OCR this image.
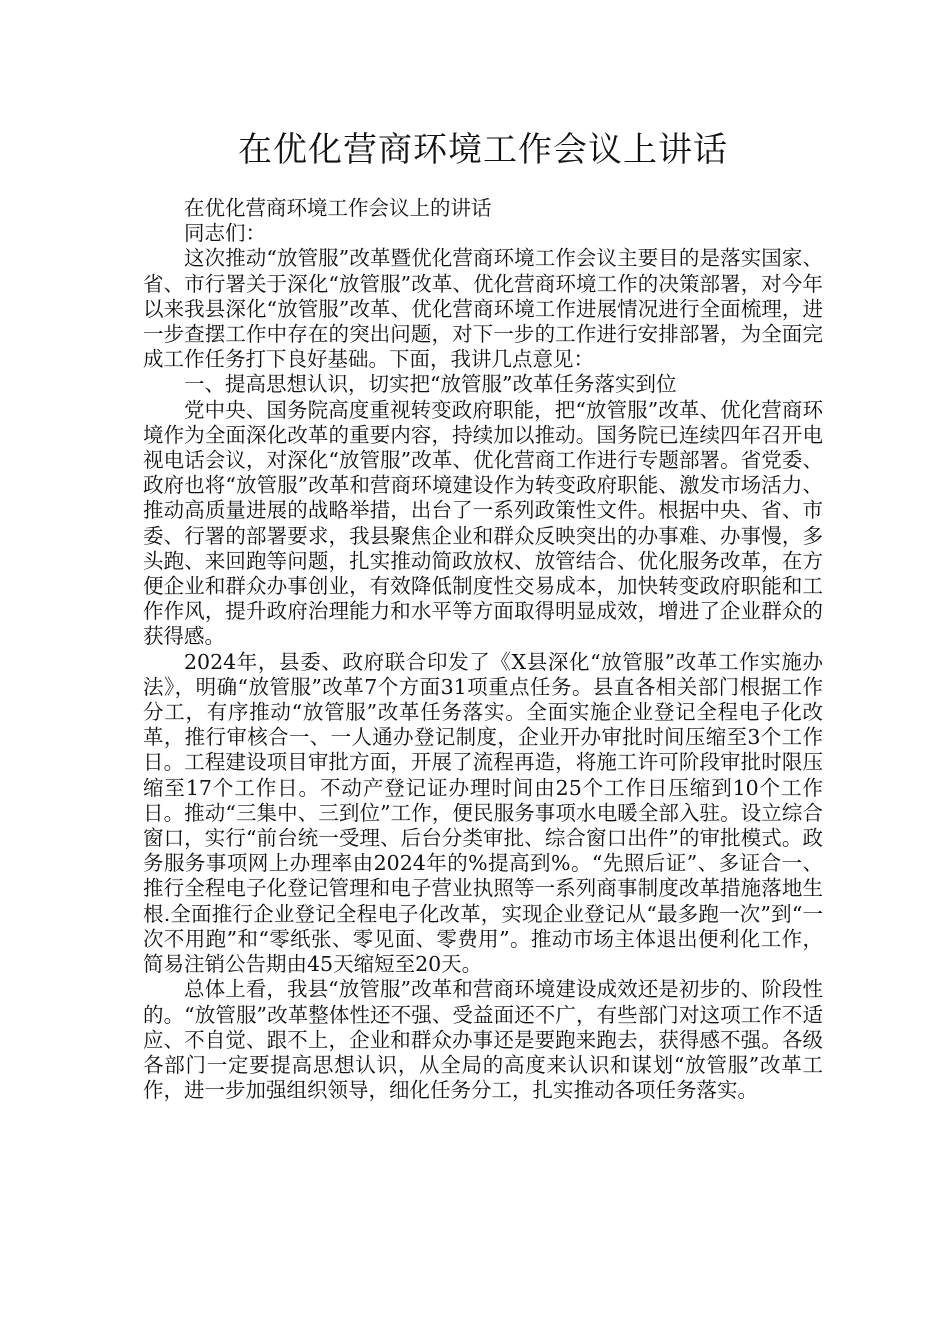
在优化营商环境工作会议上讲话

在优化营商环境工作会议上的讲话

同志们：

这次推动“放管服”改革暨优化营商环境工作会议主要目的是落实国家、省、市行署关于深化“放管服”改革、优化营商环境工作的决策部署，对今年以来我县深化“放管服”改革、优化营商环境工作进展情况进行全面梳理，进一步查摆工作中存在的突出问题，对下一步的工作进行安排部署，为全面完成工作任务打下良好基础。下面，我讲几点意见：

一、提高思想认识，切实把“放管服”改革任务落实到位

党中央、国务院高度重视转变政府职能，把“放管服”改革、优化营商环境作为全面深化改革的重要内容，持续加以推动。国务院已连续四年召开电视电话会议，对深化“放管服”改革、优化营商工作进行专题部署。省党委、政府也将“放管服”改革和营商环境建设作为转变政府职能、激发市场活力、推动高质量进展的战略举措，出台了一系列政策性文件。根据中央、省、市委、行署的部署要求，我县聚焦企业和群众反映突出的办事难、办事慢，多头跑、来回跑等问题，扎实推动简政放权、放管结合、优化服务改革，在方便企业和群众办事创业，有效降低制度性交易成本，加快转变政府职能和工作作风，提升政府治理能力和水平等方面取得明显成效，增进了企业群众的获得感。

2024年，县委、政府联合印发了《X县深化“放管服”改革工作实施办法》，明确“放管服”改革7个方面31项重点任务。县直各相关部门根据工作分工，有序推动“放管服”改革任务落实。全面实施企业登记全程电子化改革，推行审核合一、一人通办登记制度，企业开办审批时间压缩至3个工作日。工程建设项目审批方面，开展了流程再造，将施工许可阶段审批时限压缩至17个工作日。不动产登记证办理时间由25个工作日压缩到10个工作日。推动“三集中、三到位”工作，便民服务事项水电暖全部入驻。设立综合窗口，实行“前台统一受理、后台分类审批、综合窗口出件”的审批模式。政务服务事项网上办理率由2024年的%提高到%。“先照后证”、多证合一、推行全程电子化登记管理和电子营业执照等一系列商事制度改革措施落地生根.全面推行企业登记全程电子化改革，实现企业登记从“最多跑一次”到“一次不用跑”和“零纸张、零见面、零费用”。推动市场主体退出便利化工作，简易注销公告期由45天缩短至20天。

总体上看，我县“放管服”改革和营商环境建设成效还是初步的、阶段性的。“放管服”改革整体性还不强、受益面还不广，有些部门对这项工作不适应、不自觉、跟不上，企业和群众办事还是要跑来跑去，获得感不强。各级各部门一定要提高思想认识，从全局的高度来认识和谋划“放管服”改革工作，进一步加强组织领导，细化任务分工，扎实推动各项任务落实。
